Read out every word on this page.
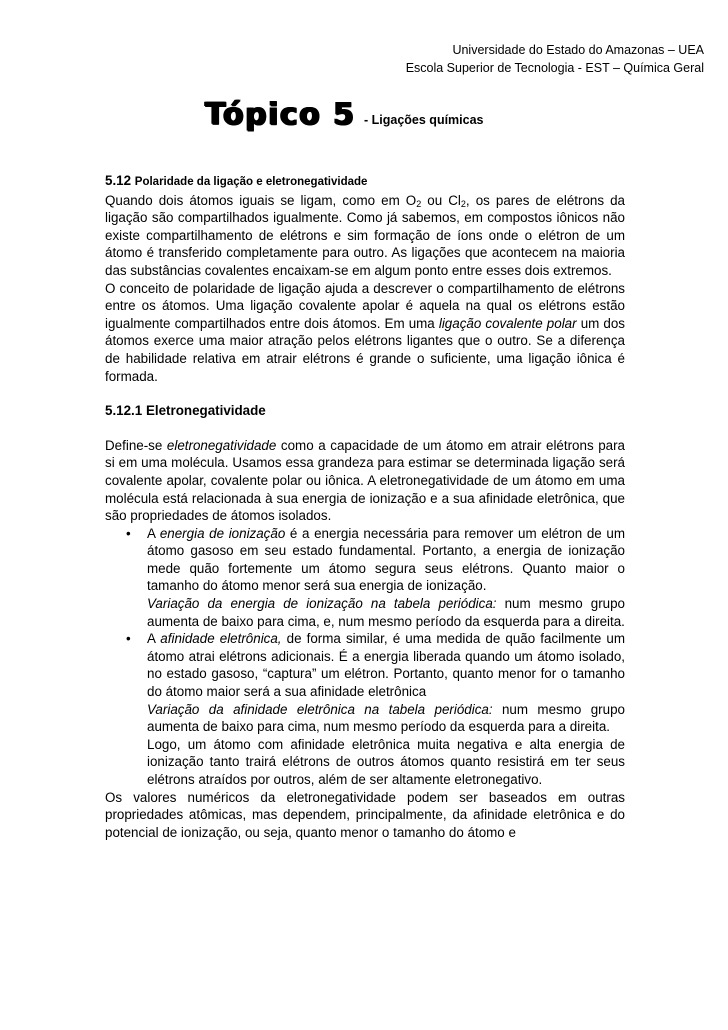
Universidade do Estado do Amazonas – UEA
Escola Superior de Tecnologia - EST – Química Geral
Tópico 5 - Ligações químicas
5.12 Polaridade da ligação e eletronegatividade

Quando dois átomos iguais se ligam, como em $O_2$ ou $Cl_2$, os pares de elétrons da ligação são compartilhados igualmente. Como já sabemos, em compostos iônicos não existe compartilhamento de elétrons e sim formação de íons onde o elétron de um átomo é transferido completamente para outro. As ligações que acontecem na maioria das substâncias covalentes encaixam-se em algum ponto entre esses dois extremos.

O conceito de polaridade de ligação ajuda a descrever o compartilhamento de elétrons entre os átomos. Uma ligação covalente apolar é aquela na qual os elétrons estão igualmente compartilhados entre dois átomos. Em uma ligação covalente polar um dos átomos exerce uma maior atração pelos elétrons ligantes que o outro. Se a diferença de habilidade relativa em atrair elétrons é grande o suficiente, uma ligação iônica é formada.

5.12.1 Eletronegatividade

Define-se eletronegatividade como a capacidade de um átomo em atrair elétrons para si em uma molécula. Usamos essa grandeza para estimar se determinada ligação será covalente apolar, covalente polar ou iônica. A eletronegatividade de um átomo em uma molécula está relacionada à sua energia de ionização e a sua afinidade eletrônica, que são propriedades de átomos isolados.

• A energia de ionização é a energia necessária para remover um elétron de um átomo gasoso em seu estado fundamental. Portanto, a energia de ionização mede quão fortemente um átomo segura seus elétrons. Quanto maior o tamanho do átomo menor será sua energia de ionização.

Variação da energia de ionização na tabela periódica: num mesmo grupo aumenta de baixo para cima, e, num mesmo período da esquerda para a direita.

• A afinidade eletrônica, de forma similar, é uma medida de quão facilmente um átomo atrai elétrons adicionais. É a energia liberada quando um átomo isolado, no estado gasoso, “captura” um elétron. Portanto, quanto menor for o tamanho do átomo maior será a sua afinidade eletrônica

Variação da afinidade eletrônica na tabela periódica: num mesmo grupo aumenta de baixo para cima, num mesmo período da esquerda para a direita.

Logo, um átomo com afinidade eletrônica muita negativa e alta energia de ionização tanto trairá elétrons de outros átomos quanto resistirá em ter seus elétrons atraídos por outros, além de ser altamente eletronegativo.

Os valores numéricos da eletronegatividade podem ser baseados em outras propriedades atômicas, mas dependem, principalmente, da afinidade eletrônica e do potencial de ionização, ou seja, quanto menor o tamanho do átomo e
